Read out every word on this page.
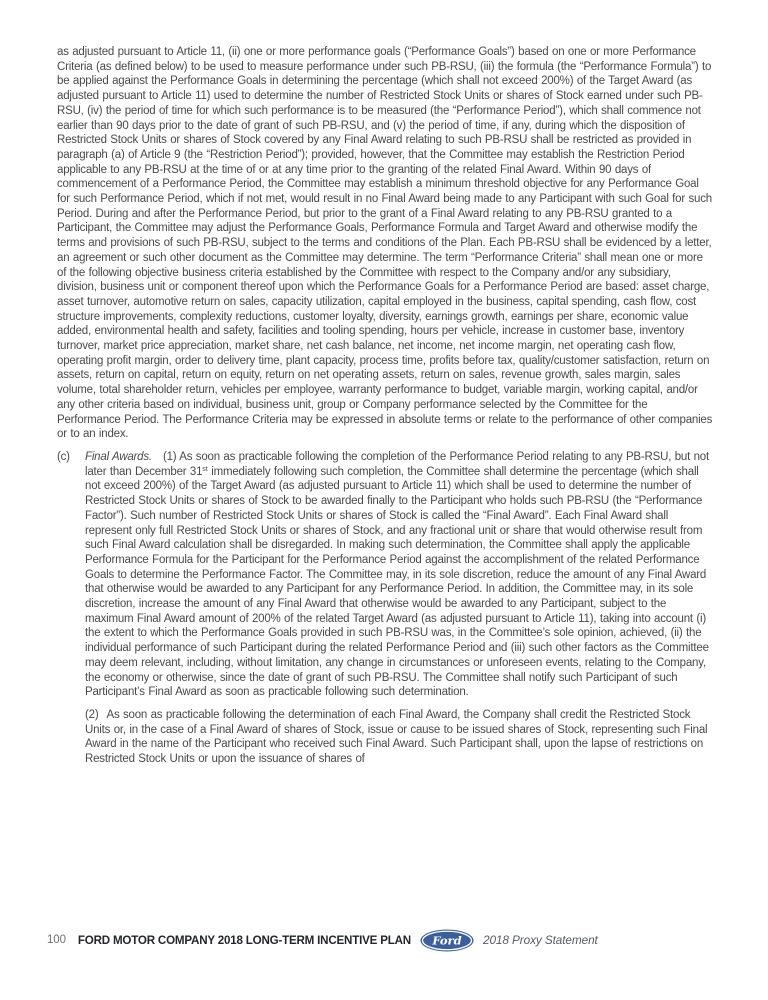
as adjusted pursuant to Article 11, (ii) one or more performance goals (“Performance Goals”) based on one or more Performance Criteria (as defined below) to be used to measure performance under such PB-RSU, (iii) the formula (the “Performance Formula”) to be applied against the Performance Goals in determining the percentage (which shall not exceed 200%) of the Target Award (as adjusted pursuant to Article 11) used to determine the number of Restricted Stock Units or shares of Stock earned under such PB-RSU, (iv) the period of time for which such performance is to be measured (the “Performance Period”), which shall commence not earlier than 90 days prior to the date of grant of such PB-RSU, and (v) the period of time, if any, during which the disposition of Restricted Stock Units or shares of Stock covered by any Final Award relating to such PB-RSU shall be restricted as provided in paragraph (a) of Article 9 (the “Restriction Period”); provided, however, that the Committee may establish the Restriction Period applicable to any PB-RSU at the time of or at any time prior to the granting of the related Final Award. Within 90 days of commencement of a Performance Period, the Committee may establish a minimum threshold objective for any Performance Goal for such Performance Period, which if not met, would result in no Final Award being made to any Participant with such Goal for such Period. During and after the Performance Period, but prior to the grant of a Final Award relating to any PB-RSU granted to a Participant, the Committee may adjust the Performance Goals, Performance Formula and Target Award and otherwise modify the terms and provisions of such PB-RSU, subject to the terms and conditions of the Plan. Each PB-RSU shall be evidenced by a letter, an agreement or such other document as the Committee may determine. The term “Performance Criteria” shall mean one or more of the following objective business criteria established by the Committee with respect to the Company and/or any subsidiary, division, business unit or component thereof upon which the Performance Goals for a Performance Period are based: asset charge, asset turnover, automotive return on sales, capacity utilization, capital employed in the business, capital spending, cash flow, cost structure improvements, complexity reductions, customer loyalty, diversity, earnings growth, earnings per share, economic value added, environmental health and safety, facilities and tooling spending, hours per vehicle, increase in customer base, inventory turnover, market price appreciation, market share, net cash balance, net income, net income margin, net operating cash flow, operating profit margin, order to delivery time, plant capacity, process time, profits before tax, quality/customer satisfaction, return on assets, return on capital, return on equity, return on net operating assets, return on sales, revenue growth, sales margin, sales volume, total shareholder return, vehicles per employee, warranty performance to budget, variable margin, working capital, and/or any other criteria based on individual, business unit, group or Company performance selected by the Committee for the Performance Period. The Performance Criteria may be expressed in absolute terms or relate to the performance of other companies or to an index.

(c) Final Awards. (1) As soon as practicable following the completion of the Performance Period relating to any PB-RSU, but not later than December 31st immediately following such completion, the Committee shall determine the percentage (which shall not exceed 200%) of the Target Award (as adjusted pursuant to Article 11) which shall be used to determine the number of Restricted Stock Units or shares of Stock to be awarded finally to the Participant who holds such PB-RSU (the “Performance Factor”). Such number of Restricted Stock Units or shares of Stock is called the “Final Award”. Each Final Award shall represent only full Restricted Stock Units or shares of Stock, and any fractional unit or share that would otherwise result from such Final Award calculation shall be disregarded. In making such determination, the Committee shall apply the applicable Performance Formula for the Participant for the Performance Period against the accomplishment of the related Performance Goals to determine the Performance Factor. The Committee may, in its sole discretion, reduce the amount of any Final Award that otherwise would be awarded to any Participant for any Performance Period. In addition, the Committee may, in its sole discretion, increase the amount of any Final Award that otherwise would be awarded to any Participant, subject to the maximum Final Award amount of 200% of the related Target Award (as adjusted pursuant to Article 11), taking into account (i) the extent to which the Performance Goals provided in such PB-RSU was, in the Committee’s sole opinion, achieved, (ii) the individual performance of such Participant during the related Performance Period and (iii) such other factors as the Committee may deem relevant, including, without limitation, any change in circumstances or unforeseen events, relating to the Company, the economy or otherwise, since the date of grant of such PB-RSU. The Committee shall notify such Participant of such Participant’s Final Award as soon as practicable following such determination.
(2) As soon as practicable following the determination of each Final Award, the Company shall credit the Restricted Stock Units or, in the case of a Final Award of shares of Stock, issue or cause to be issued shares of Stock, representing such Final Award in the name of the Participant who received such Final Award. Such Participant shall, upon the lapse of restrictions on Restricted Stock Units or upon the issuance of shares of
100 FORD MOTOR COMPANY 2018 LONG-TERM INCENTIVE PLAN Ford 2018 Proxy Statement
